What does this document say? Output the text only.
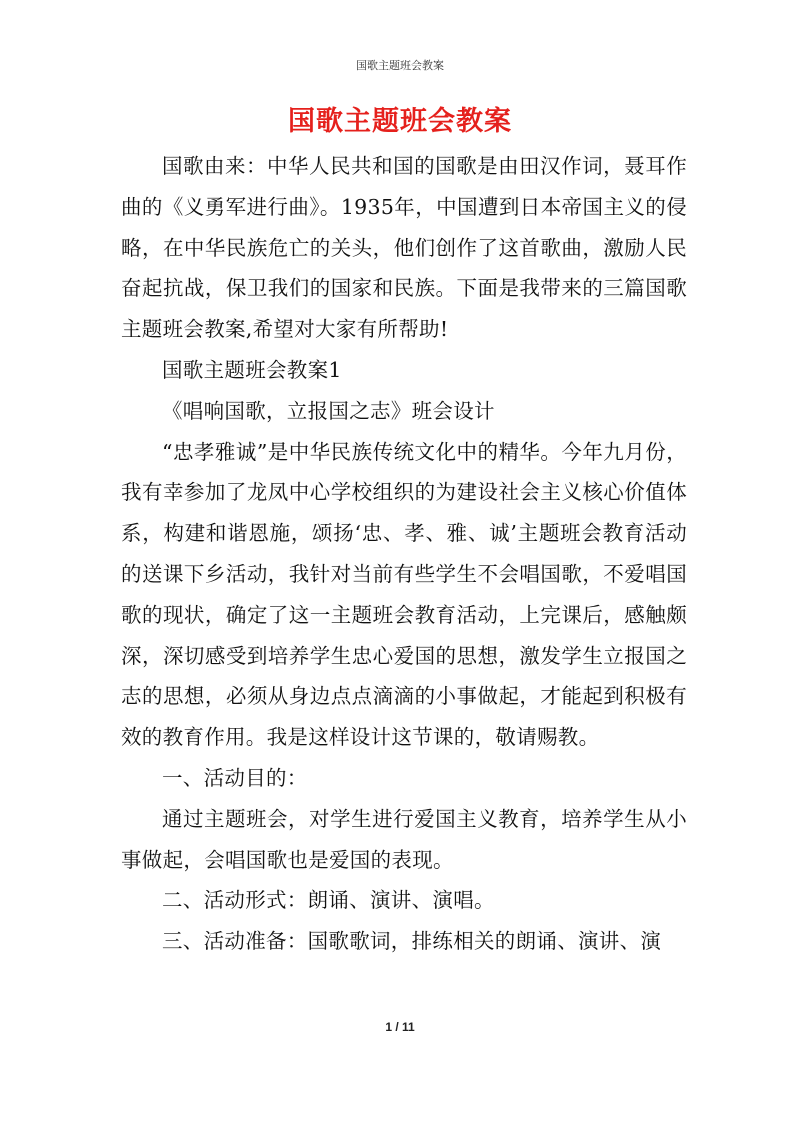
国歌主题班会教案
国歌主题班会教案

国歌由来：中华人民共和国的国歌是由田汉作词，聂耳作曲的《义勇军进行曲》。1935年，中国遭到日本帝国主义的侵略，在中华民族危亡的关头，他们创作了这首歌曲，激励人民奋起抗战，保卫我们的国家和民族。下面是我带来的三篇国歌主题班会教案,希望对大家有所帮助!

国歌主题班会教案1

《唱响国歌，立报国之志》班会设计

“忠孝雅诚”是中华民族传统文化中的精华。今年九月份，我有幸参加了龙凤中心学校组织的为建设社会主义核心价值体系，构建和谐恩施，颂扬‘忠、孝、雅、诚’主题班会教育活动的送课下乡活动，我针对当前有些学生不会唱国歌，不爱唱国歌的现状，确定了这一主题班会教育活动，上完课后，感触颇深，深切感受到培养学生忠心爱国的思想，激发学生立报国之志的思想，必须从身边点点滴滴的小事做起，才能起到积极有效的教育作用。我是这样设计这节课的，敬请赐教。

一、活动目的：

通过主题班会，对学生进行爱国主义教育，培养学生从小事做起，会唱国歌也是爱国的表现。

二、活动形式：朗诵、演讲、演唱。

三、活动准备：国歌歌词，排练相关的朗诵、演讲、演

1 / 11
